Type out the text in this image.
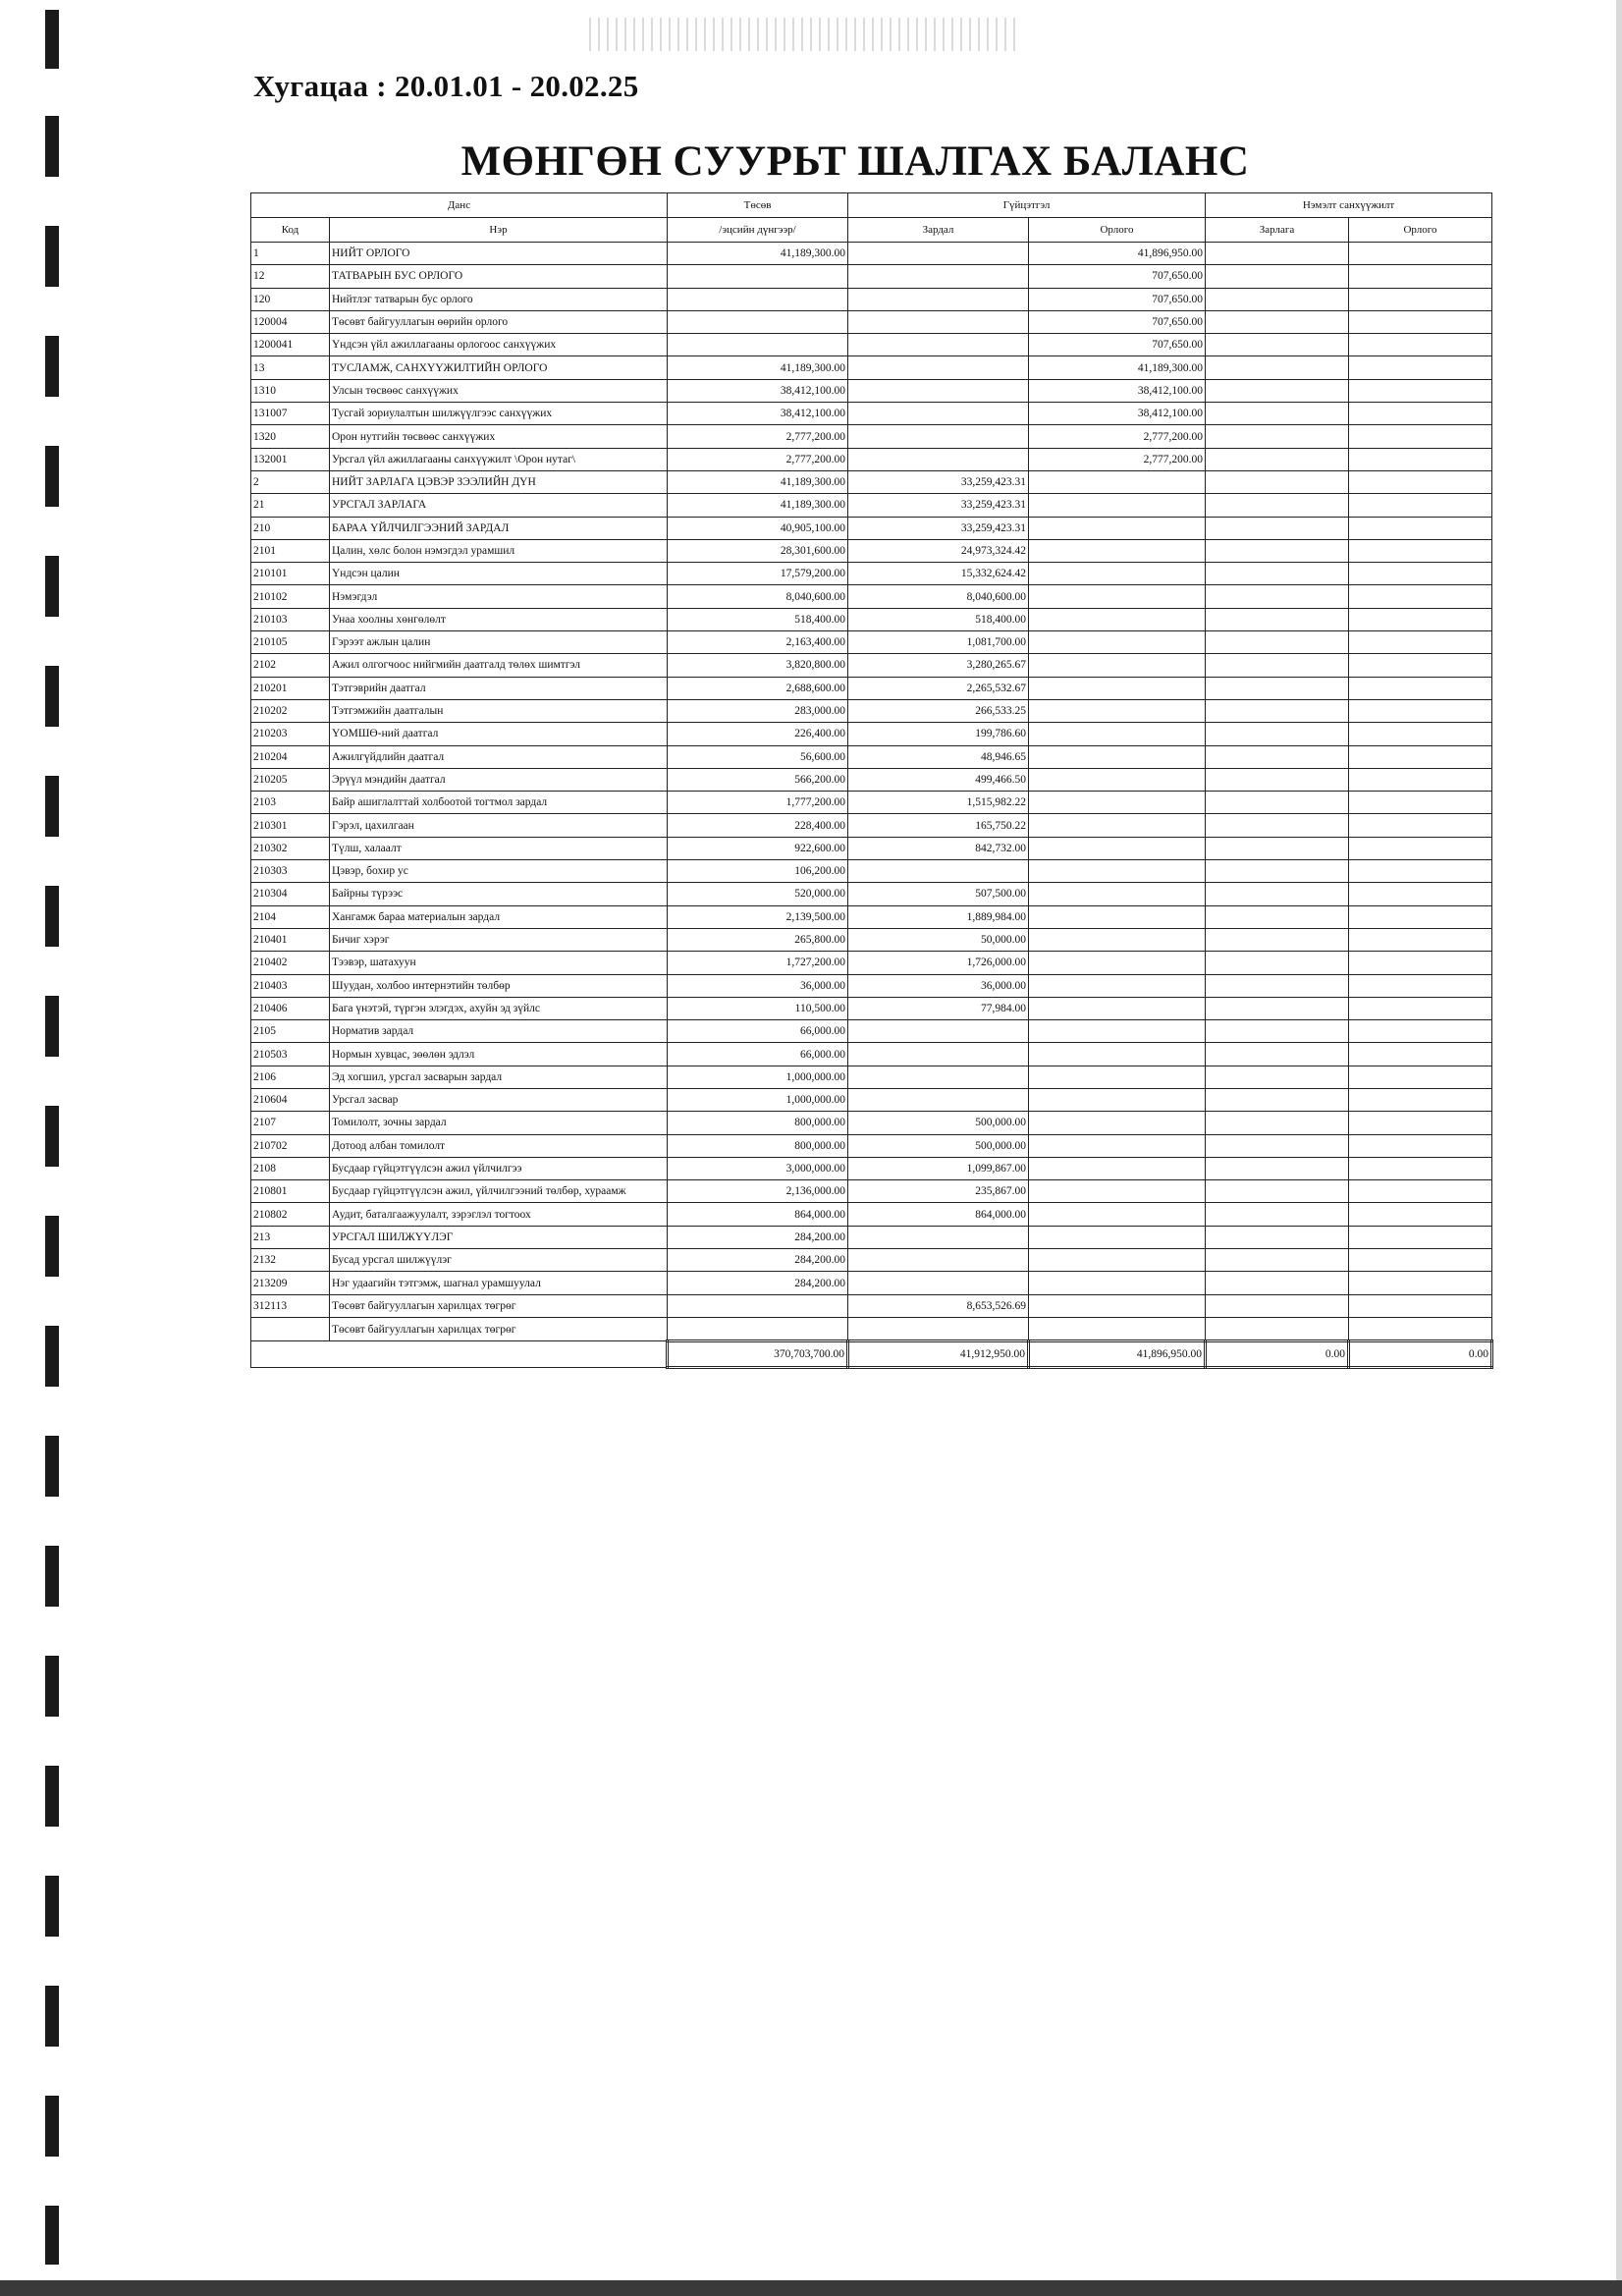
Хугацаа : 20.01.01 - 20.02.25
МӨНГӨН СУУРЬТ ШАЛГАХ БАЛАНС
Данс		Төсөв	Гүйцэтгэл		Нэмэлт санхүүжилт	
Код	Нэр	/эцсийн дүнгээр/	Зардал	Орлого	Зарлага	Орлого
1	НИЙТ ОРЛОГО	41,189,300.00		41,896,950.00		
12	ТАТВАРЫН БУС ОРЛОГО			707,650.00		
120	Нийтлэг татварын бус орлого			707,650.00		
120004	Төсөвт байгууллагын өөрийн орлого			707,650.00		
1200041	Үндсэн үйл ажиллагааны орлогоос санхүүжих			707,650.00		
13	ТУСЛАМЖ, САНХҮҮЖИЛТИЙН ОРЛОГО	41,189,300.00		41,189,300.00		
1310	Улсын төсвөөс санхүүжих	38,412,100.00		38,412,100.00		
131007	Тусгай зориулалтын шилжүүлгээс санхүүжих	38,412,100.00		38,412,100.00		
1320	Орон нутгийн төсвөөс санхүүжих	2,777,200.00		2,777,200.00		
132001	Урсгал үйл ажиллагааны санхүүжилт \Орон нутаг\	2,777,200.00		2,777,200.00		
2	НИЙТ ЗАРЛАГА ЦЭВЭР ЗЭЭЛИЙН ДҮН	41,189,300.00	33,259,423.31			
21	УРСГАЛ ЗАРЛАГА	41,189,300.00	33,259,423.31			
210	БАРАА ҮЙЛЧИЛГЭЭНИЙ ЗАРДАЛ	40,905,100.00	33,259,423.31			
2101	Цалин, хөлс болон нэмэгдэл урамшил	28,301,600.00	24,973,324.42			
210101	Үндсэн цалин	17,579,200.00	15,332,624.42			
210102	Нэмэгдэл	8,040,600.00	8,040,600.00			
210103	Унаа хоолны хөнгөлөлт	518,400.00	518,400.00			
210105	Гэрээт ажлын цалин	2,163,400.00	1,081,700.00			
2102	Ажил олгогчоос нийгмийн даатгалд төлөх шимтгэл	3,820,800.00	3,280,265.67			
210201	Тэтгэврийн даатгал	2,688,600.00	2,265,532.67			
210202	Тэтгэмжийн даатгалын	283,000.00	266,533.25			
210203	ҮОМШӨ-ний даатгал	226,400.00	199,786.60			
210204	Ажилгүйдлийн даатгал	56,600.00	48,946.65			
210205	Эрүүл мэндийн даатгал	566,200.00	499,466.50			
2103	Байр ашиглалттай холбоотой тогтмол зардал	1,777,200.00	1,515,982.22			
210301	Гэрэл, цахилгаан	228,400.00	165,750.22			
210302	Түлш, халаалт	922,600.00	842,732.00			
210303	Цэвэр, бохир ус	106,200.00				
210304	Байрны түрээс	520,000.00	507,500.00			
2104	Хангамж бараа материалын зардал	2,139,500.00	1,889,984.00			
210401	Бичиг хэрэг	265,800.00	50,000.00			
210402	Тээвэр, шатахуун	1,727,200.00	1,726,000.00			
210403	Шуудан, холбоо интернэтийн төлбөр	36,000.00	36,000.00			
210406	Бага үнэтэй, түргэн элэгдэх, ахуйн эд зүйлс	110,500.00	77,984.00			
2105	Норматив зардал	66,000.00				
210503	Нормын хувцас, зөөлөн эдлэл	66,000.00				
2106	Эд хогшил, урсгал засварын зардал	1,000,000.00				
210604	Урсгал засвар	1,000,000.00				
2107	Томилолт, зочны зардал	800,000.00	500,000.00			
210702	Дотоод албан томилолт	800,000.00	500,000.00			
2108	Бусдаар гүйцэтгүүлсэн ажил үйлчилгээ	3,000,000.00	1,099,867.00			
210801	Бусдаар гүйцэтгүүлсэн ажил, үйлчилгээний төлбөр, хураамж	2,136,000.00	235,867.00			
210802	Аудит, баталгаажуулалт, зэрэглэл тогтоох	864,000.00	864,000.00			
213	УРСГАЛ ШИЛЖҮҮЛЭГ	284,200.00				
2132	Бусад урсгал шилжүүлэг	284,200.00				
213209	Нэг удаагийн тэтгэмж, шагнал урамшуулал	284,200.00				
312113	Төсөвт байгууллагын харилцах төгрөг		8,653,526.69			
	Төсөвт байгууллагын харилцах төгрөг					
		370,703,700.00	41,912,950.00	41,896,950.00	0.00	0.00
